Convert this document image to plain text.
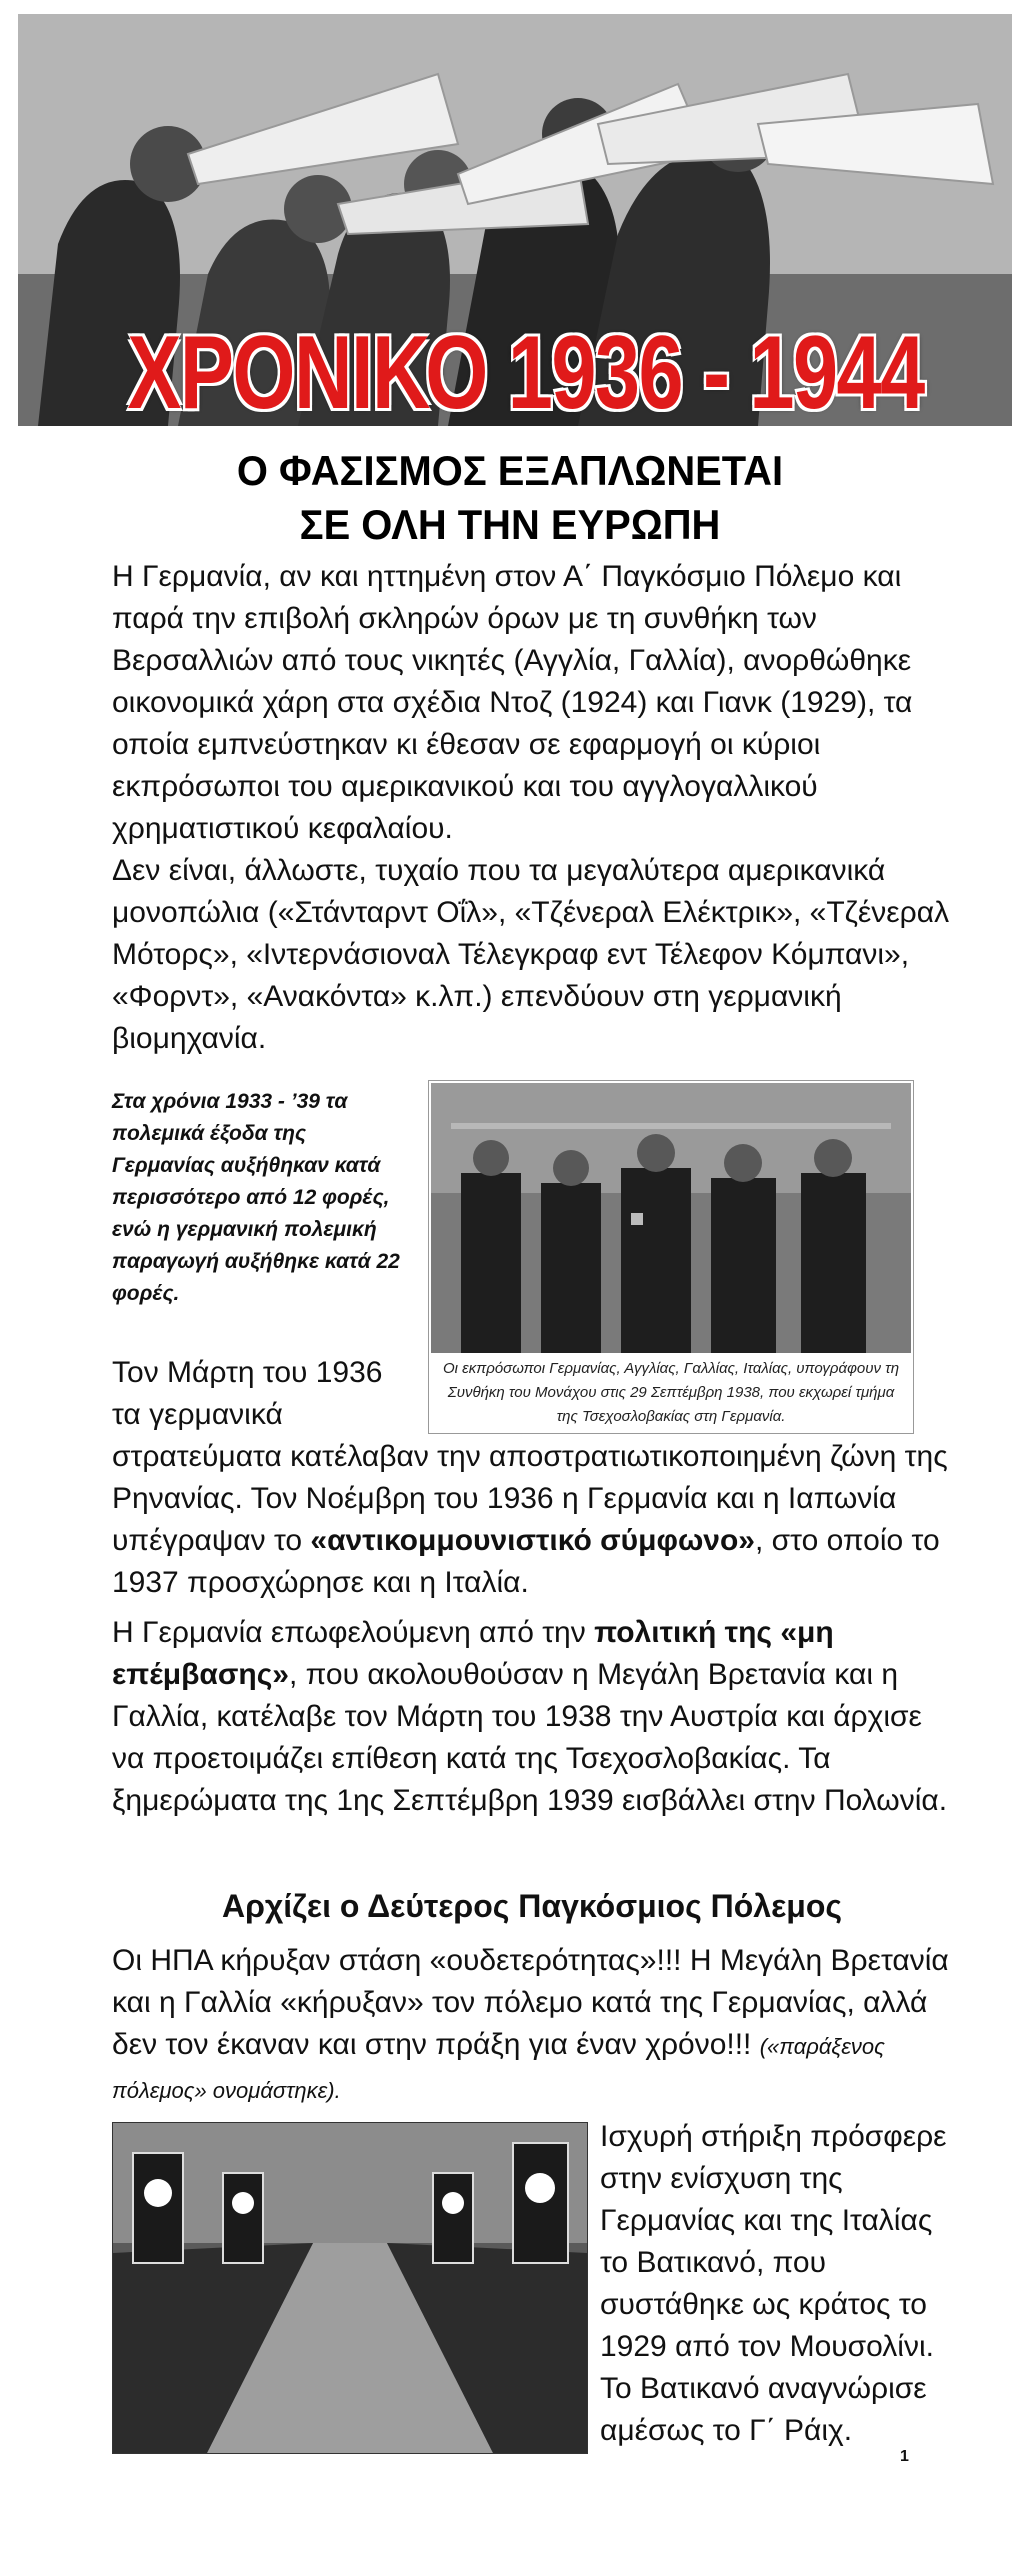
ΧΡΟΝΙΚΟ 1936 - 1944
Ο ΦΑΣΙΣΜΟΣ ΕΞΑΠΛΩΝΕΤΑΙ
ΣΕ ΟΛΗ ΤΗΝ ΕΥΡΩΠΗ

Η Γερμανία, αν και ηττημένη στον Α΄ Παγκόσμιο Πόλεμο και παρά την επιβολή σκληρών όρων με τη συνθήκη των Βερσαλλιών από τους νικητές (Αγγλία, Γαλλία), ανορθώθηκε οικονομικά χάρη στα σχέδια Ντοζ (1924) και Γιανκ (1929), τα οποία εμπνεύστηκαν κι έθεσαν σε εφαρμογή οι κύριοι εκπρόσωποι του αμερικανικού και του αγγλογαλλικού χρηματιστικού κεφαλαίου.

Δεν είναι, άλλωστε, τυχαίο που τα μεγαλύτερα αμερικανικά μονοπώλια («Στάνταρντ Οΐλ», «Τζένεραλ Ελέκτρικ», «Τζένεραλ Μότορς», «Ιντερνάσιοναλ Τέλεγκραφ εντ Τέλεφον Κόμπανι», «Φορντ», «Ανακόντα» κ.λπ.) επενδύουν στη γερμανική βιομηχανία.

Στα χρόνια 1933 - ’39 τα πολεμικά έξοδα της Γερμανίας αυξήθηκαν κατά περισσότερο από 12 φορές, ενώ η γερμανική πολεμική παραγωγή αυξήθηκε κατά 22 φορές.

Οι εκπρόσωποι Γερμανίας, Αγγλίας, Γαλλίας, Ιταλίας, υπογράφουν τη Συνθήκη του Μονάχου στις 29 Σεπτέμβρη 1938, που εκχωρεί τμήμα της Τσεχοσλοβακίας στη Γερμανία.

Τον Μάρτη του 1936 τα γερμανικά

στρατεύματα κατέλαβαν την αποστρατιωτικοποιημένη ζώνη της Ρηνανίας. Τον Νοέμβρη του 1936 η Γερμανία και η Ιαπωνία υπέγραψαν το «αντικομμουνιστικό σύμφωνο», στο οποίο το 1937 προσχώρησε και η Ιταλία.

Η Γερμανία επωφελούμενη από την πολιτική της «μη επέμβασης», που ακολουθούσαν η Μεγάλη Βρετανία και η Γαλλία, κατέλαβε τον Μάρτη του 1938 την Αυστρία και άρχισε να προετοιμάζει επίθεση κατά της Τσεχοσλοβακίας. Τα ξημερώματα της 1ης Σεπτέμβρη 1939 εισβάλλει στην Πολωνία.

Αρχίζει ο Δεύτερος Παγκόσμιος Πόλεμος

Οι ΗΠΑ κήρυξαν στάση «ουδετερότητας»!!! Η Μεγάλη Βρετανία και η Γαλλία «κήρυξαν» τον πόλεμο κατά της Γερμανίας, αλλά δεν τον έκαναν και στην πράξη για έναν χρόνο!!! («παράξενος πόλεμος» ονομάστηκε).

Ισχυρή στήριξη πρόσφερε στην ενίσχυση της Γερμανίας και της Ιταλίας το Βατικανό, που συστάθηκε ως κράτος το 1929 από τον Μουσολίνι. Το Βατικανό αναγνώρισε αμέσως το Γ΄ Ράιχ.

1
